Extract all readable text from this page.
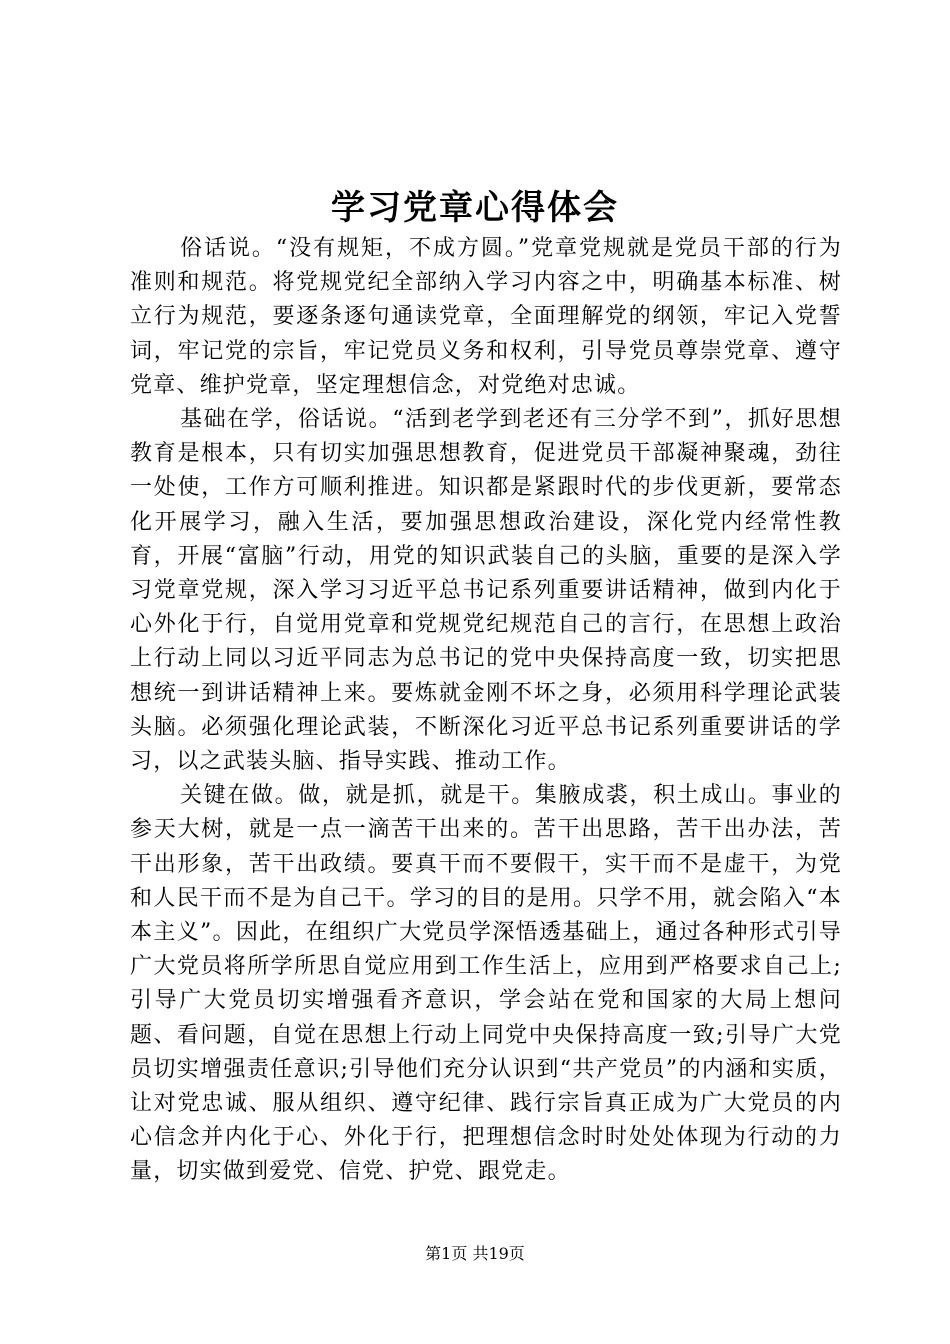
学习党章心得体会

俗话说。“没有规矩，不成方圆。”党章党规就是党员干部的行为准则和规范。将党规党纪全部纳入学习内容之中，明确基本标准、树立行为规范，要逐条逐句通读党章，全面理解党的纲领，牢记入党誓词，牢记党的宗旨，牢记党员义务和权利，引导党员尊崇党章、遵守党章、维护党章，坚定理想信念，对党绝对忠诚。

基础在学，俗话说。“活到老学到老还有三分学不到”，抓好思想教育是根本，只有切实加强思想教育，促进党员干部凝神聚魂，劲往一处使，工作方可顺利推进。知识都是紧跟时代的步伐更新，要常态化开展学习，融入生活，要加强思想政治建设，深化党内经常性教育，开展“富脑”行动，用党的知识武装自己的头脑，重要的是深入学习党章党规，深入学习习近平总书记系列重要讲话精神，做到内化于心外化于行，自觉用党章和党规党纪规范自己的言行，在思想上政治上行动上同以习近平同志为总书记的党中央保持高度一致，切实把思想统一到讲话精神上来。要炼就金刚不坏之身，必须用科学理论武装头脑。必须强化理论武装，不断深化习近平总书记系列重要讲话的学习，以之武装头脑、指导实践、推动工作。

关键在做。做，就是抓，就是干。集腋成裘，积土成山。事业的参天大树，就是一点一滴苦干出来的。苦干出思路，苦干出办法，苦干出形象，苦干出政绩。要真干而不要假干，实干而不是虚干，为党和人民干而不是为自己干。学习的目的是用。只学不用，就会陷入“本本主义”。因此，在组织广大党员学深悟透基础上，通过各种形式引导广大党员将所学所思自觉应用到工作生活上，应用到严格要求自己上;引导广大党员切实增强看齐意识，学会站在党和国家的大局上想问题、看问题，自觉在思想上行动上同党中央保持高度一致;引导广大党员切实增强责任意识;引导他们充分认识到“共产党员”的内涵和实质，让对党忠诚、服从组织、遵守纪律、践行宗旨真正成为广大党员的内心信念并内化于心、外化于行，把理想信念时时处处体现为行动的力量，切实做到爱党、信党、护党、跟党走。

第1页 共19页
